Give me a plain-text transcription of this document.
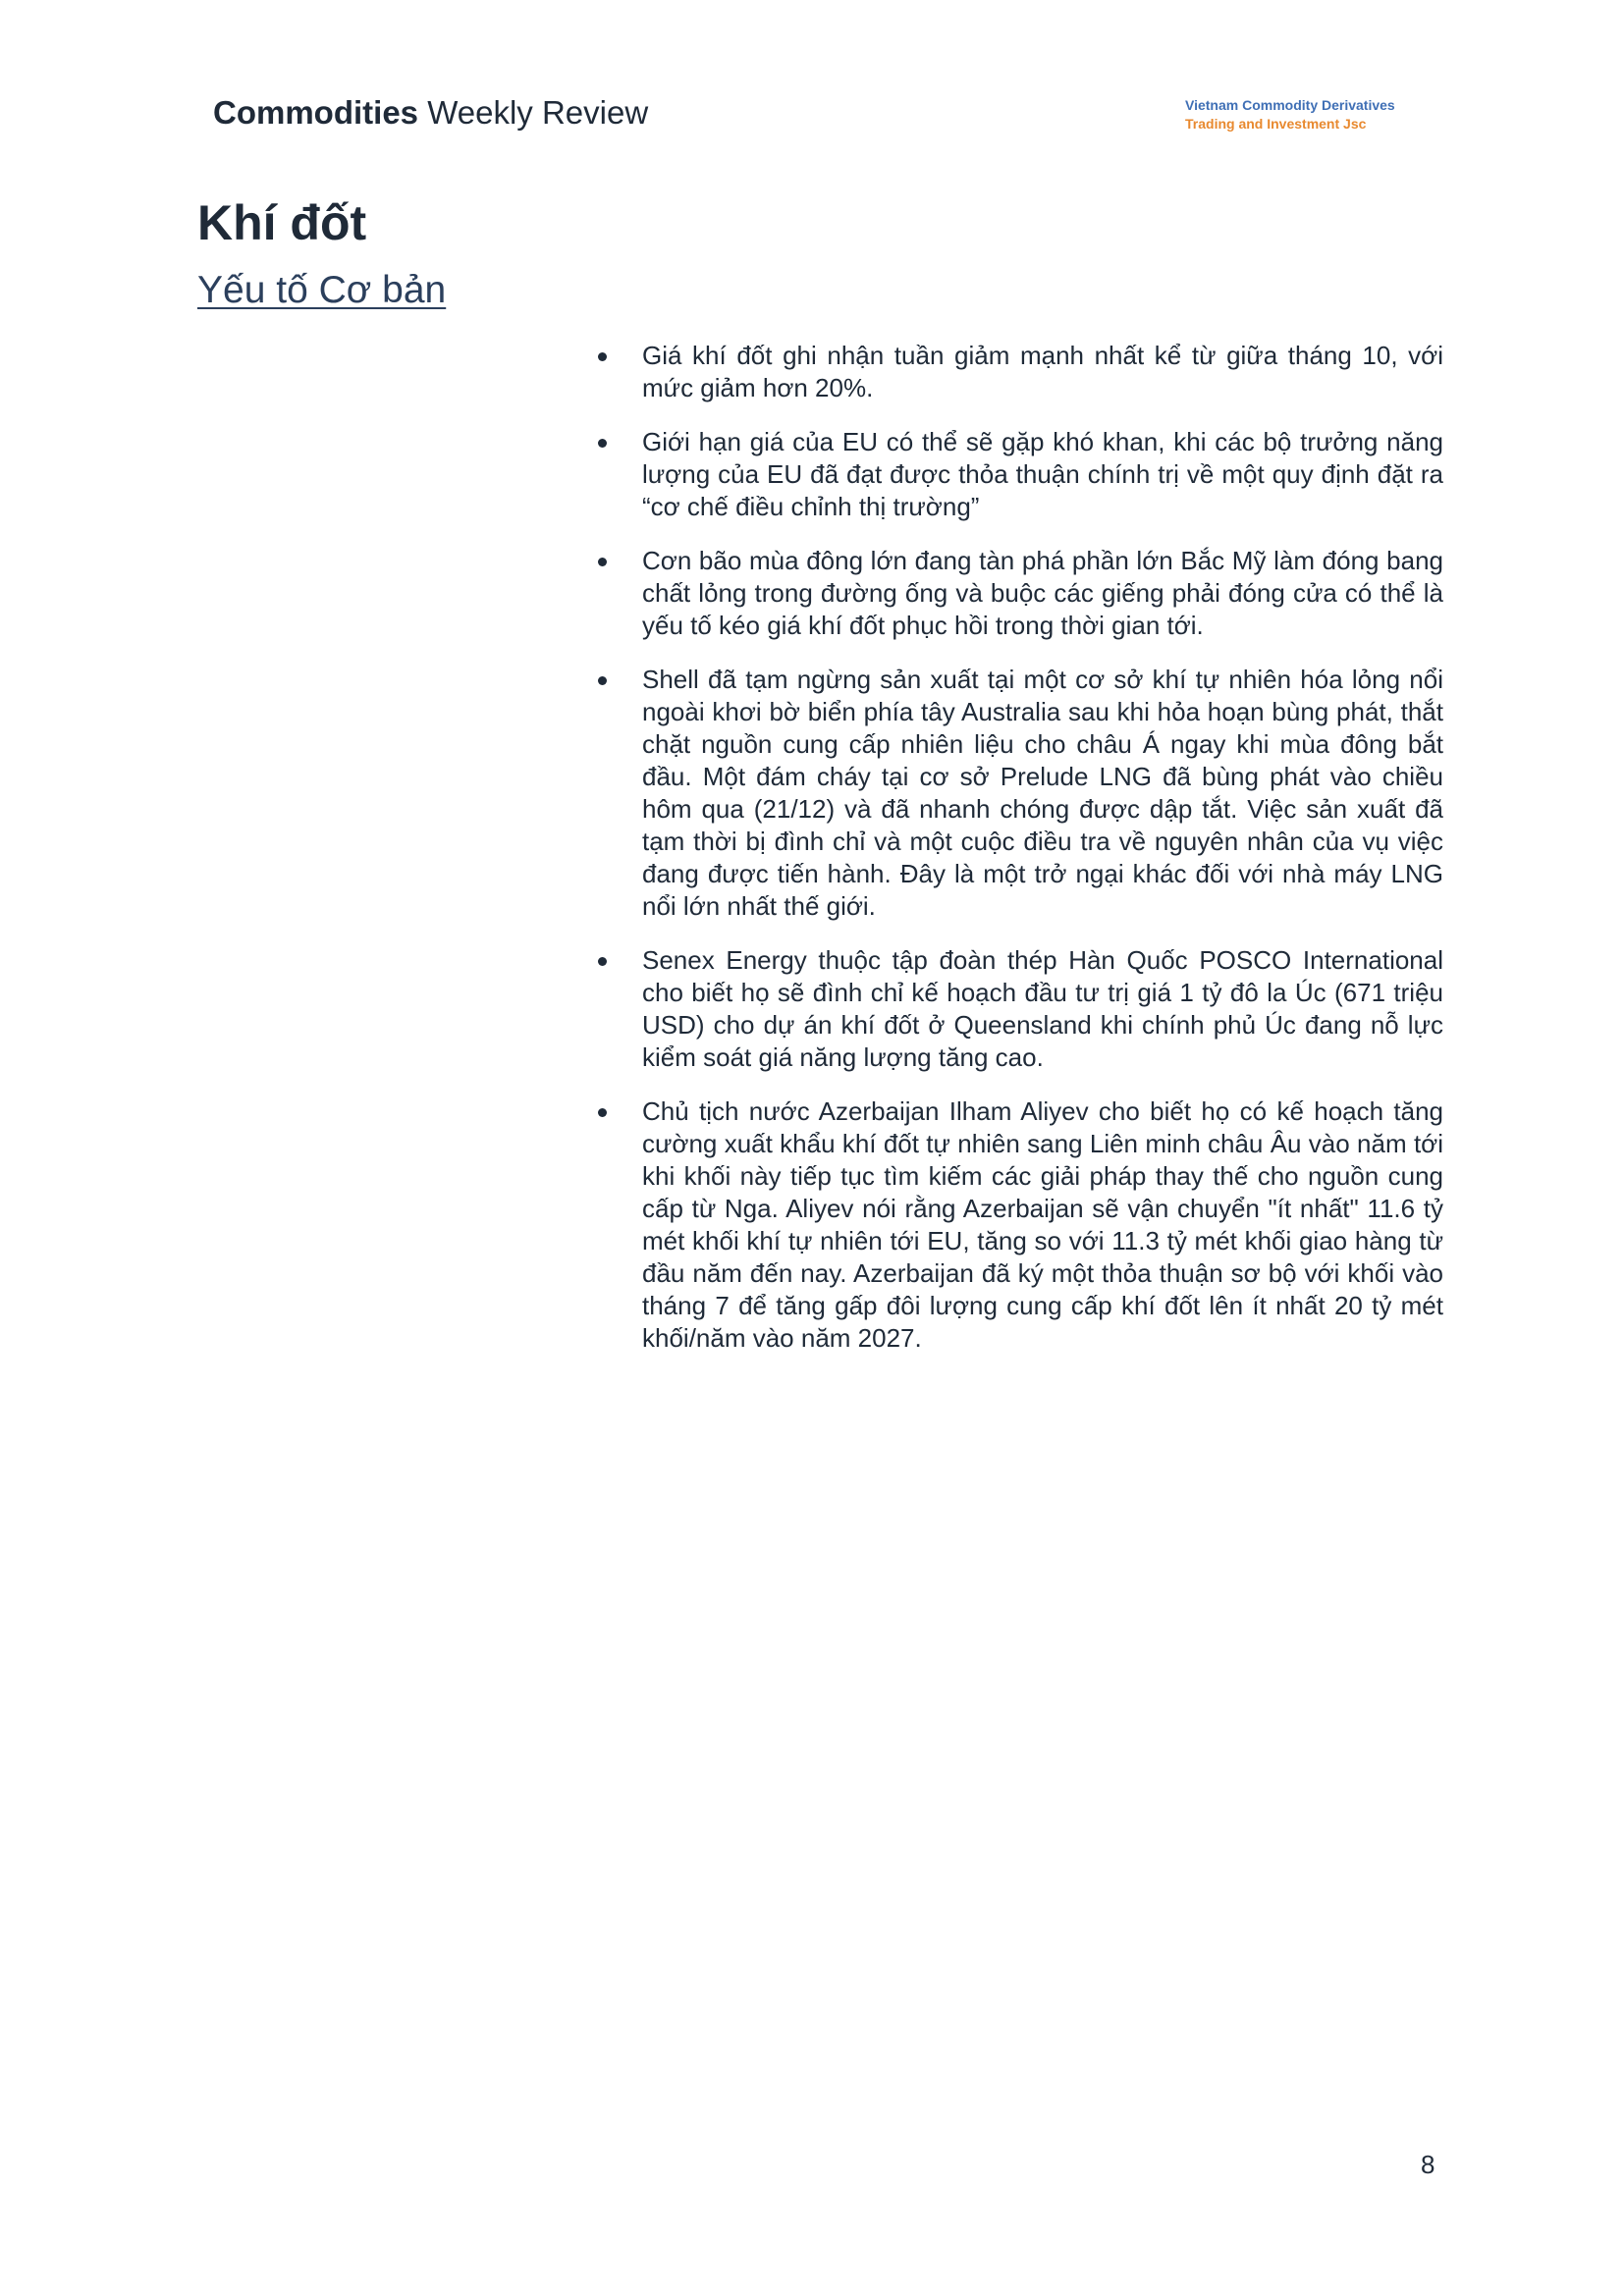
Commodities Weekly Review	Vietnam Commodity Derivatives
Trading and Investment Jsc
Khí đốt
Yếu tố Cơ bản
Giá khí đốt ghi nhận tuần giảm mạnh nhất kể từ giữa tháng 10, với mức giảm hơn 20%.
Giới hạn giá của EU có thể sẽ gặp khó khan, khi các bộ trưởng năng lượng của EU đã đạt được thỏa thuận chính trị về một quy định đặt ra “cơ chế điều chỉnh thị trường”
Cơn bão mùa đông lớn đang tàn phá phần lớn Bắc Mỹ làm đóng bang chất lỏng trong đường ống và buộc các giếng phải đóng cửa có thể là yếu tố kéo giá khí đốt phục hồi trong thời gian tới.
Shell đã tạm ngừng sản xuất tại một cơ sở khí tự nhiên hóa lỏng nổi ngoài khơi bờ biển phía tây Australia sau khi hỏa hoạn bùng phát, thắt chặt nguồn cung cấp nhiên liệu cho châu Á ngay khi mùa đông bắt đầu. Một đám cháy tại cơ sở Prelude LNG đã bùng phát vào chiều hôm qua (21/12) và đã nhanh chóng được dập tắt. Việc sản xuất đã tạm thời bị đình chỉ và một cuộc điều tra về nguyên nhân của vụ việc đang được tiến hành. Đây là một trở ngại khác đối với nhà máy LNG nổi lớn nhất thế giới.
Senex Energy thuộc tập đoàn thép Hàn Quốc POSCO International cho biết họ sẽ đình chỉ kế hoạch đầu tư trị giá 1 tỷ đô la Úc (671 triệu USD) cho dự án khí đốt ở Queensland khi chính phủ Úc đang nỗ lực kiểm soát giá năng lượng tăng cao.
Chủ tịch nước Azerbaijan Ilham Aliyev cho biết họ có kế hoạch tăng cường xuất khẩu khí đốt tự nhiên sang Liên minh châu Âu vào năm tới khi khối này tiếp tục tìm kiếm các giải pháp thay thế cho nguồn cung cấp từ Nga. Aliyev nói rằng Azerbaijan sẽ vận chuyển "ít nhất" 11.6 tỷ mét khối khí tự nhiên tới EU, tăng so với 11.3 tỷ mét khối giao hàng từ đầu năm đến nay. Azerbaijan đã ký một thỏa thuận sơ bộ với khối vào tháng 7 để tăng gấp đôi lượng cung cấp khí đốt lên ít nhất 20 tỷ mét khối/năm vào năm 2027.
8
